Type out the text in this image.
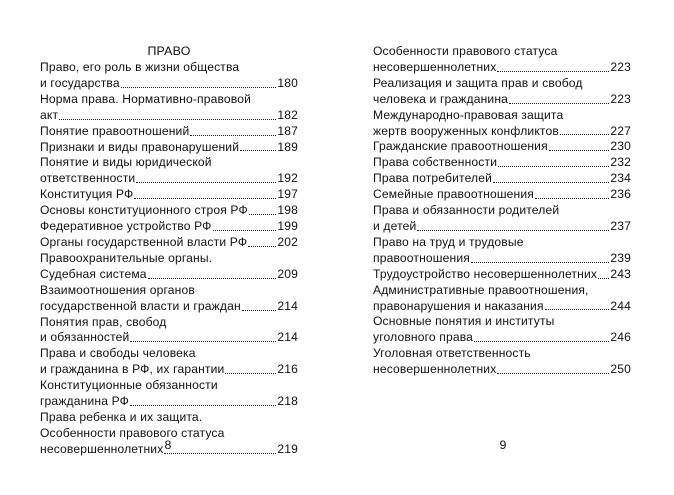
ПРАВО
Право, его роль в жизни общества
и государства	180
Норма права. Нормативно-правовой
акт	182
Понятие правоотношений	187
Признаки и виды правонарушений	189
Понятие и виды юридической
ответственности	192
Конституция РФ	197
Основы конституционного строя РФ 198
Федеративное устройство РФ	199
Органы государственной власти РФ 202
Правоохранительные органы.
Судебная система	209
Взаимоотношения органов
государственной власти и граждан	214
Понятия прав, свобод
и обязанностей	214
Права и свободы человека
и гражданина в РФ, их гарантии	216
Конституционные обязанности
гражданина РФ	218
Права ребенка и их защита.
Особенности правового статуса
несовершеннолетних	219
8
Особенности правового статуса
несовершеннолетних	223
Реализация и защита прав и свобод
человека и гражданина	223
Международно-правовая защита
жертв вооруженных конфликтов	227
Гражданские правоотношения	230
Права собственности	232
Права потребителей	234
Семейные правоотношения	236
Права и обязанности родителей
и детей	237
Право на труд и трудовые
правоотношения	239
Трудоустройство несовершеннолетних 243
Административные правоотношения,
правонарушения и наказания	244
Основные понятия и институты
уголовного права	246
Уголовная ответственность
несовершеннолетних	250
9
